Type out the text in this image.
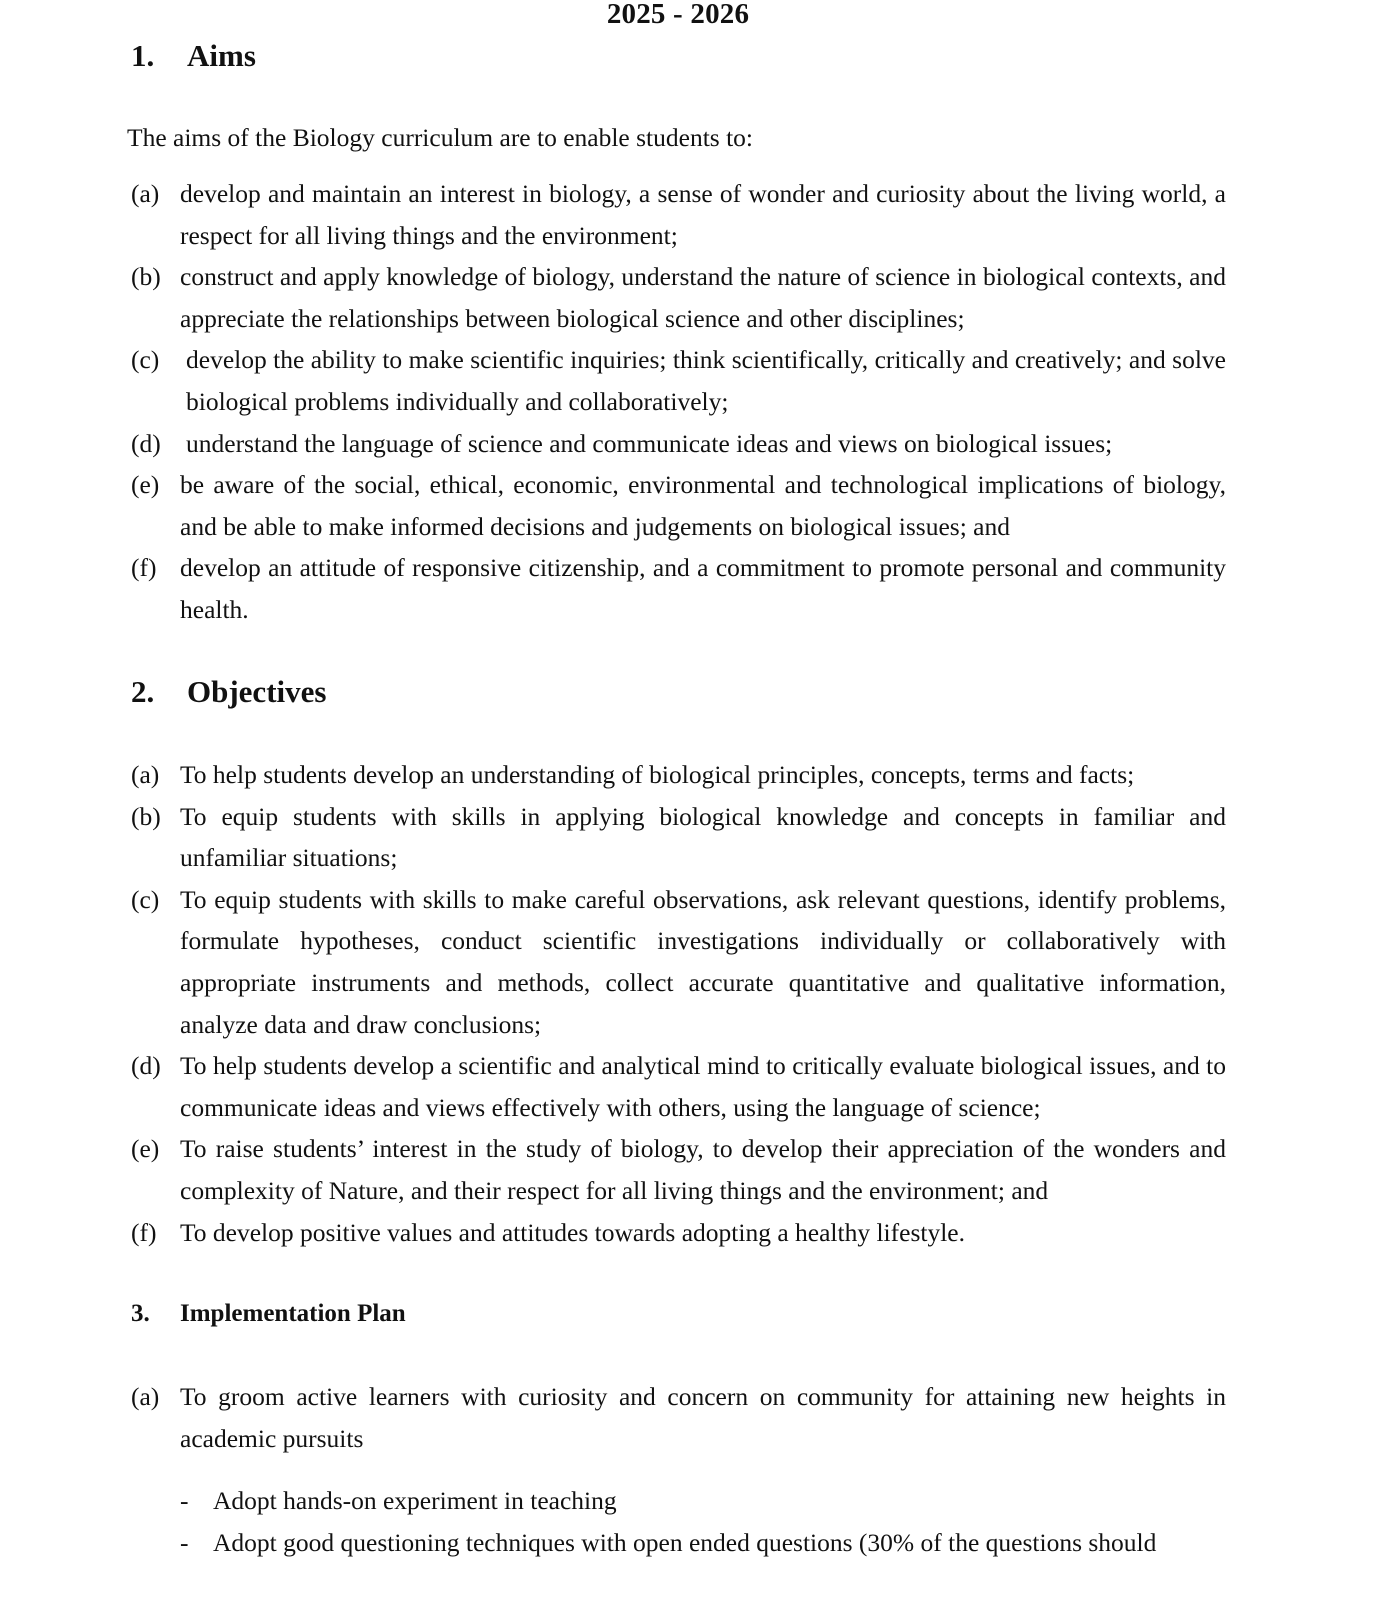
2025 - 2026
1.	Aims
The aims of the Biology curriculum are to enable students to:
(a) develop and maintain an interest in biology, a sense of wonder and curiosity about the living world, a respect for all living things and the environment;
(b) construct and apply knowledge of biology, understand the nature of science in biological contexts, and appreciate the relationships between biological science and other disciplines;
(c)	develop the ability to make scientific inquiries; think scientifically, critically and creatively; and solve biological problems individually and collaboratively;
(d) understand the language of science and communicate ideas and views on biological issues;
(e) be aware of the social, ethical, economic, environmental and technological implications of biology, and be able to make informed decisions and judgements on biological issues; and
(f) develop an attitude of responsive citizenship, and a commitment to promote personal and community health.
2.	Objectives
(a) To help students develop an understanding of biological principles, concepts, terms and facts;
(b) To equip students with skills in applying biological knowledge and concepts in familiar and unfamiliar situations;
(c) To equip students with skills to make careful observations, ask relevant questions, identify problems, formulate hypotheses, conduct scientific investigations individually or collaboratively with appropriate instruments and methods, collect accurate quantitative and qualitative information, analyze data and draw conclusions;
(d) To help students develop a scientific and analytical mind to critically evaluate biological issues, and to communicate ideas and views effectively with others, using the language of science;
(e) To raise students’ interest in the study of biology, to develop their appreciation of the wonders and complexity of Nature, and their respect for all living things and the environment; and
(f) To develop positive values and attitudes towards adopting a healthy lifestyle.
3.	Implementation Plan
(a) To groom active learners with curiosity and concern on community for attaining new heights in academic pursuits
- Adopt hands-on experiment in teaching
- Adopt good questioning techniques with open ended questions (30% of the questions should
